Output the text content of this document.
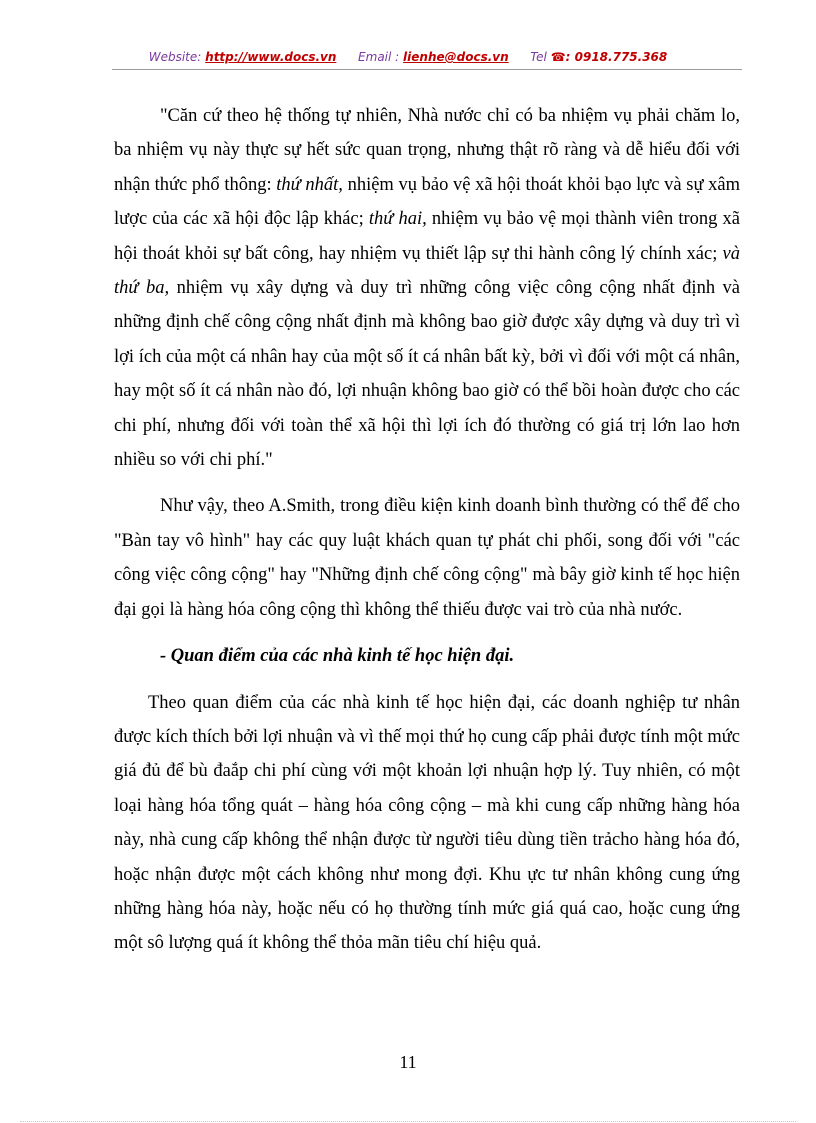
Website: http://www.docs.vn Email : lienhe@docs.vn Tel ☎: 0918.775.368

"Căn cứ theo hệ thống tự nhiên, Nhà nước chỉ có ba nhiệm vụ phải chăm lo, ba nhiệm vụ này thực sự hết sức quan trọng, nhưng thật rõ ràng và dễ hiểu đối với nhận thức phổ thông: thứ nhất, nhiệm vụ bảo vệ xã hội thoát khỏi bạo lực và sự xâm lược của các xã hội độc lập khác; thứ hai, nhiệm vụ bảo vệ mọi thành viên trong xã hội thoát khỏi sự bất công, hay nhiệm vụ thiết lập sự thi hành công lý chính xác; và thứ ba, nhiệm vụ xây dựng và duy trì những công việc công cộng nhất định và những định chế công cộng nhất định mà không bao giờ được xây dựng và duy trì vì lợi ích của một cá nhân hay của một số ít cá nhân bất kỳ, bởi vì đối với một cá nhân, hay một số ít cá nhân nào đó, lợi nhuận không bao giờ có thể bồi hoàn được cho các chi phí, nhưng đối với toàn thể xã hội thì lợi ích đó thường có giá trị lớn lao hơn nhiều so với chi phí."

Như vậy, theo A.Smith, trong điều kiện kinh doanh bình thường có thể để cho "Bàn tay vô hình" hay các quy luật khách quan tự phát chi phối, song đối với "các công việc công cộng" hay "Những định chế công cộng" mà bây giờ kinh tế học hiện đại gọi là hàng hóa công cộng thì không thể thiếu được vai trò của nhà nước.

- Quan điểm của các nhà kinh tế học hiện đại.

Theo quan điểm của các nhà kinh tế học hiện đại, các doanh nghiệp tư nhân được kích thích bởi lợi nhuận và vì thế mọi thứ họ cung cấp phải được tính một mức giá đủ để bù đaắp chi phí cùng với một khoản lợi nhuận hợp lý. Tuy nhiên, có một loại hàng hóa tổng quát – hàng hóa công cộng – mà khi cung cấp những hàng hóa này, nhà cung cấp không thể nhận được từ người tiêu dùng tiền trảcho hàng hóa đó, hoặc nhận được một cách không như mong đợi. Khu ực tư nhân không cung ứng những hàng hóa này, hoặc nếu có họ thường tính mức giá quá cao, hoặc cung ứng một sô lượng quá ít không thể thỏa mãn tiêu chí hiệu quả.

11
